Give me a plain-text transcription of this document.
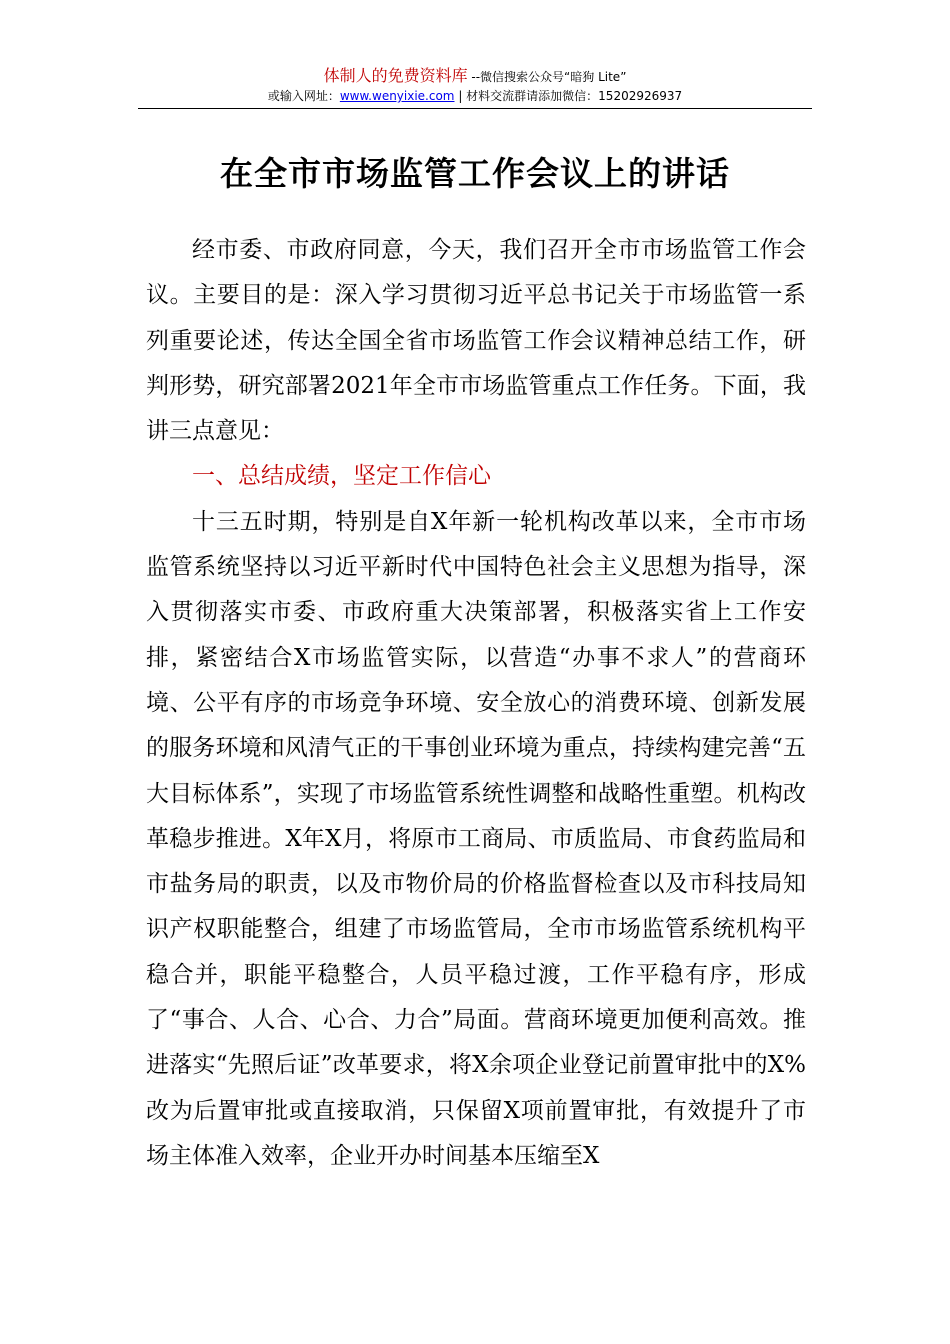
体制人的免费资料库 --微信搜索公众号“暗狗 Lite”
或输入网址：www.wenyixie.com | 材料交流群请添加微信：15202926937
在全市市场监管工作会议上的讲话

经市委、市政府同意，今天，我们召开全市市场监管工作会议。主要目的是：深入学习贯彻习近平总书记关于市场监管一系列重要论述，传达全国全省市场监管工作会议精神总结工作，研判形势，研究部署2021年全市市场监管重点工作任务。下面，我讲三点意见：

一、总结成绩，坚定工作信心

十三五时期，特别是自X年新一轮机构改革以来，全市市场监管系统坚持以习近平新时代中国特色社会主义思想为指导，深入贯彻落实市委、市政府重大决策部署，积极落实省上工作安排，紧密结合X市场监管实际，以营造“办事不求人”的营商环境、公平有序的市场竞争环境、安全放心的消费环境、创新发展的服务环境和风清气正的干事创业环境为重点，持续构建完善“五大目标体系”，实现了市场监管系统性调整和战略性重塑。机构改革稳步推进。X年X月，将原市工商局、市质监局、市食药监局和市盐务局的职责，以及市物价局的价格监督检查以及市科技局知识产权职能整合，组建了市场监管局，全市市场监管系统机构平稳合并，职能平稳整合，人员平稳过渡，工作平稳有序，形成了“事合、人合、心合、力合”局面。营商环境更加便利高效。推进落实“先照后证”改革要求，将X余项企业登记前置审批中的X%改为后置审批或直接取消，只保留X项前置审批，有效提升了市场主体准入效率，企业开办时间基本压缩至X
